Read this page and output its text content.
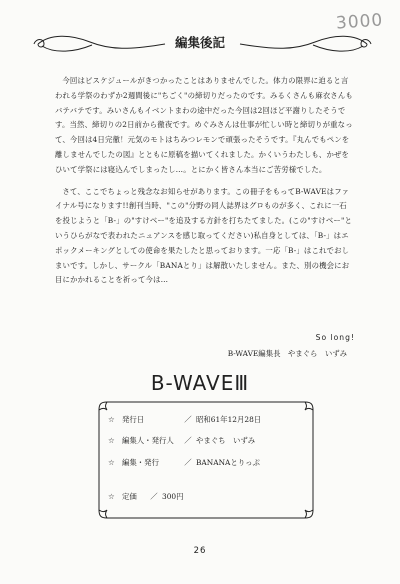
3000
編集後記

今回はビスケジュールがきつかったことはありませんでした。体力の限界に迫ると言われる学祭のわずか2週間後に"ちごく"の締切りだったのです。みるくさんも麻衣さんもバテバテです。みいさんもイベントまわの途中だった今回は2回ほど平謝りしたそうです。当然、締切りの2日前から徹夜です。めぐみさんは仕事が忙しい時と締切りが重なって、今回は4日完徹！元気のモトはちみつレモンで頑張ったそうです。『丸んでもペンを離しませんでしたの図』とともに原稿を描いてくれました。かくいうわたしも、かぜをひいて学祭には寝込んでしまったし…。とにかく皆さん本当にご苦労様でした。

さて、ここでちょっと残念なお知らせがあります。この冊子をもってB-WAVEはファイナル号になります!!創刊当時、"この"分野の同人誌界はグロものが多く、これに一石を投じようと「B-」の"すけべー"を追及する方針を打ちたてました。(この"すけべー"というひらがなで表われたニュアンスを感じ取ってください)私自身としては、「B-」はエポックメーキングとしての使命を果たしたと思っております。一応「B-」はこれでおしまいです。しかし、サークル「BANAとり」は解散いたしません。また、別の機会にお目にかかれることを祈って今は…

So long!
B-WAVE編集長　やまぐら　いずみ
B-WAVEⅢ
☆ 発行日	／ 昭和61年12月28日
☆ 編集人・発行人	／ やまぐち　いずみ
☆ 編集・発行	／ BANANAとりっぷ
☆ 定価	／ 300円
26
